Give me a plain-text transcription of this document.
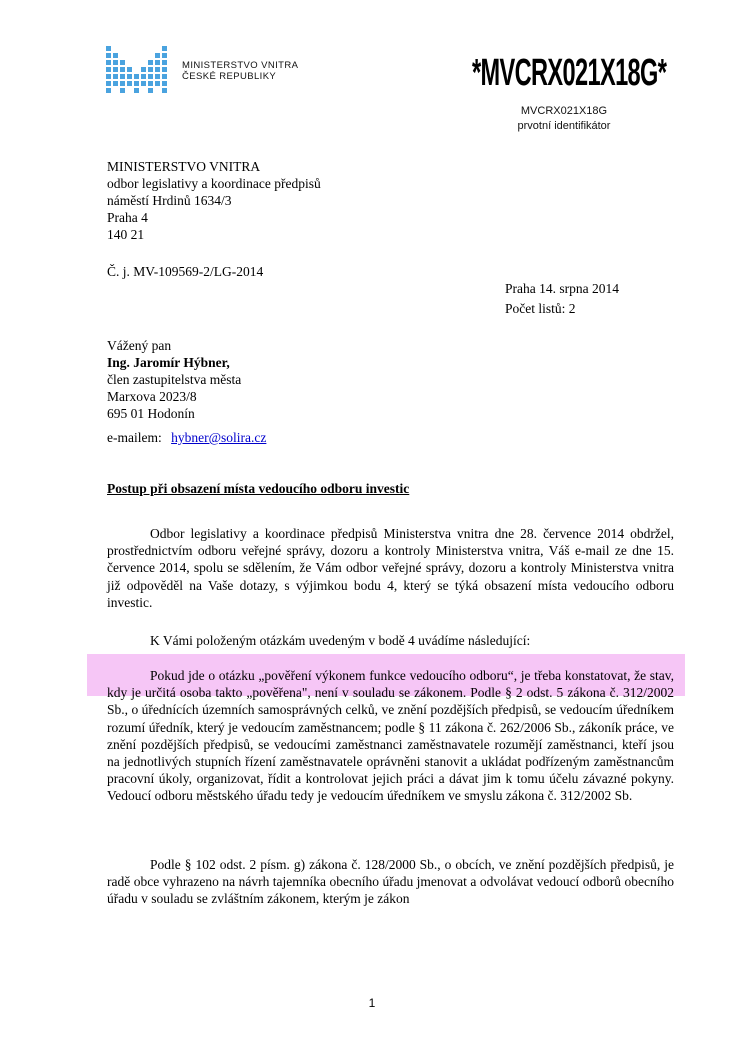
MINISTERSTVO VNITRA
ČESKÉ REPUBLIKY	*MVCRX021X18G*
MVCRX021X18G
prvotní identifikátor
MINISTERSTVO VNITRA
odbor legislativy a koordinace předpisů
náměstí Hrdinů 1634/3
Praha 4
140 21
Č. j. MV-109569-2/LG-2014
Praha 14. srpna 2014
Počet listů: 2
Vážený pan
Ing. Jaromír Hýbner,
člen zastupitelstva města
Marxova 2023/8
695 01 Hodonín
e-mailem: hybner@solira.cz
Postup při obsazení místa vedoucího odboru investic
Odbor legislativy a koordinace předpisů Ministerstva vnitra dne 28. července 2014 obdržel, prostřednictvím odboru veřejné správy, dozoru a kontroly Ministerstva vnitra, Váš e-mail ze dne 15. července 2014, spolu se sdělením, že Vám odbor veřejné správy, dozoru a kontroly Ministerstva vnitra již odpověděl na Vaše dotazy, s výjimkou bodu 4, který se týká obsazení místa vedoucího odboru investic.
K Vámi položeným otázkám uvedeným v bodě 4 uvádíme následující:
Pokud jde o otázku „pověření výkonem funkce vedoucího odboru“, je třeba konstatovat, že stav, kdy je určitá osoba takto „pověřena", není v souladu se zákonem. Podle § 2 odst. 5 zákona č. 312/2002 Sb., o úřednících územních samosprávných celků, ve znění pozdějších předpisů, se vedoucím úředníkem rozumí úředník, který je vedoucím zaměstnancem; podle § 11 zákona č. 262/2006 Sb., zákoník práce, ve znění pozdějších předpisů, se vedoucími zaměstnanci zaměstnavatele rozumějí zaměstnanci, kteří jsou na jednotlivých stupních řízení zaměstnavatele oprávněni stanovit a ukládat podřízeným zaměstnancům pracovní úkoly, organizovat, řídit a kontrolovat jejich práci a dávat jim k tomu účelu závazné pokyny. Vedoucí odboru městského úřadu tedy je vedoucím úředníkem ve smyslu zákona č. 312/2002 Sb.
Podle § 102 odst. 2 písm. g) zákona č. 128/2000 Sb., o obcích, ve znění pozdějších předpisů, je radě obce vyhrazeno na návrh tajemníka obecního úřadu jmenovat a odvolávat vedoucí odborů obecního úřadu v souladu se zvláštním zákonem, kterým je zákon
1
